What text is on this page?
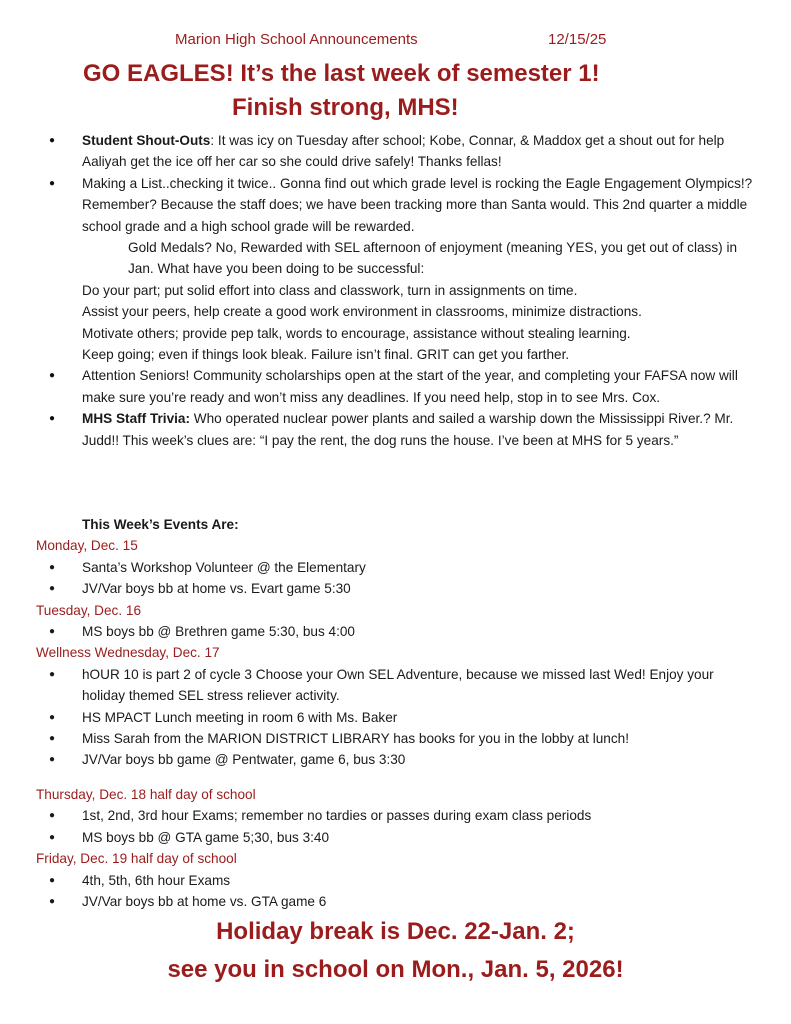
Marion High School Announcements	12/15/25
GO EAGLES! It’s the last week of semester 1!
Finish strong, MHS!
● Student Shout-Outs: It was icy on Tuesday after school; Kobe, Connar, & Maddox get a shout out for help Aaliyah get the ice off her car so she could drive safely! Thanks fellas!
● Making a List..checking it twice.. Gonna find out which grade level is rocking the Eagle Engagement Olympics!? Remember? Because the staff does; we have been tracking more than Santa would. This 2nd quarter a middle school grade and a high school grade will be rewarded.
Gold Medals? No, Rewarded with SEL afternoon of enjoyment (meaning YES, you get out of class) in Jan. What have you been doing to be successful:
Do your part; put solid effort into class and classwork, turn in assignments on time.
Assist your peers, help create a good work environment in classrooms, minimize distractions.
Motivate others; provide pep talk, words to encourage, assistance without stealing learning.
Keep going; even if things look bleak. Failure isn’t final. GRIT can get you farther.
● Attention Seniors! Community scholarships open at the start of the year, and completing your FAFSA now will make sure you’re ready and won’t miss any deadlines. If you need help, stop in to see Mrs. Cox.
● MHS Staff Trivia: Who operated nuclear power plants and sailed a warship down the Mississippi River.? Mr. Judd!! This week’s clues are: “I pay the rent, the dog runs the house. I’ve been at MHS for 5 years.”
This Week’s Events Are:
Monday, Dec. 15
● Santa’s Workshop Volunteer @ the Elementary
● JV/Var boys bb at home vs. Evart game 5:30
Tuesday, Dec. 16
● MS boys bb @ Brethren game 5:30, bus 4:00
Wellness Wednesday, Dec. 17
● hOUR 10 is part 2 of cycle 3 Choose your Own SEL Adventure, because we missed last Wed! Enjoy your holiday themed SEL stress reliever activity.
● HS MPACT Lunch meeting in room 6 with Ms. Baker
● Miss Sarah from the MARION DISTRICT LIBRARY has books for you in the lobby at lunch!
● JV/Var boys bb game @ Pentwater, game 6, bus 3:30
Thursday, Dec. 18 half day of school
● 1st, 2nd, 3rd hour Exams; remember no tardies or passes during exam class periods
● MS boys bb @ GTA game 5;30, bus 3:40
Friday, Dec. 19 half day of school
● 4th, 5th, 6th hour Exams
● JV/Var boys bb at home vs. GTA game 6
Holiday break is Dec. 22-Jan. 2;
see you in school on Mon., Jan. 5, 2026!
